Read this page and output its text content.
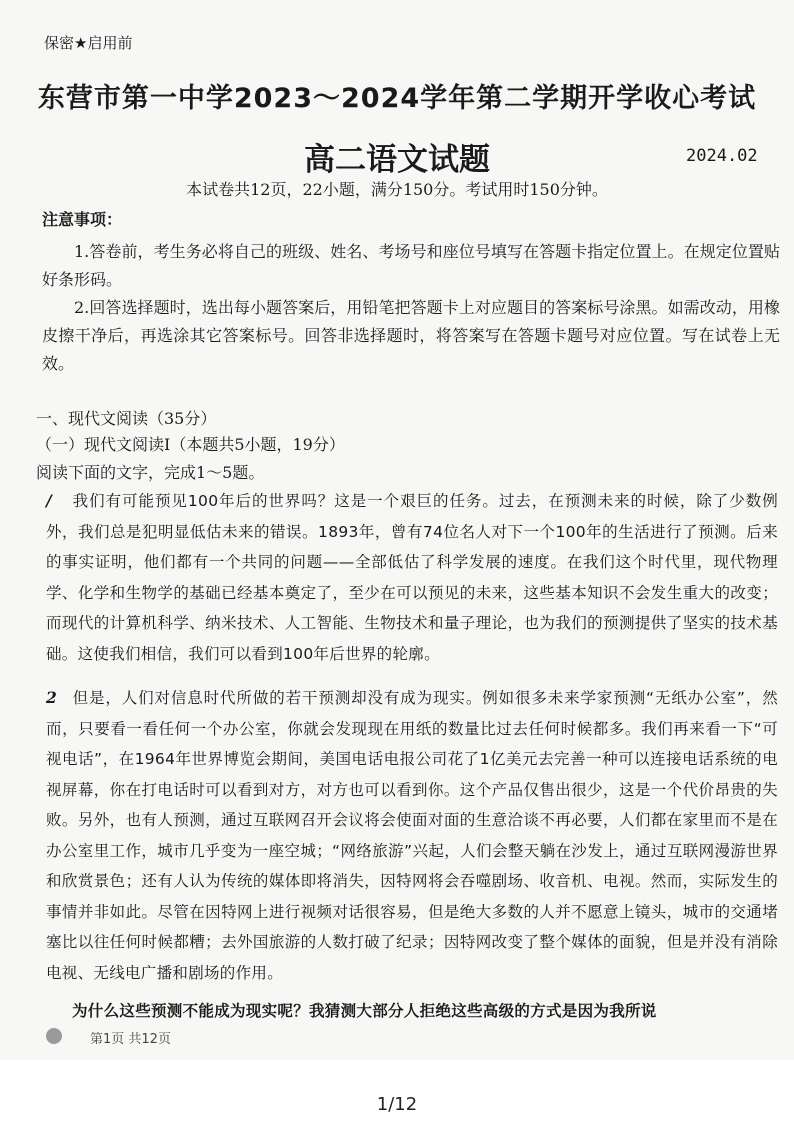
保密★启用前
东营市第一中学2023～2024学年第二学期开学收心考试
高二语文试题	2024.02
本试卷共12页，22小题，满分150分。考试用时150分钟。
注意事项：
1.答卷前，考生务必将自己的班级、姓名、考场号和座位号填写在答题卡指定位置上。在规定位置贴好条形码。
2.回答选择题时，选出每小题答案后，用铅笔把答题卡上对应题目的答案标号涂黑。如需改动，用橡皮擦干净后，再选涂其它答案标号。回答非选择题时，将答案写在答题卡题号对应位置。写在试卷上无效。
一、现代文阅读（35分）
（一）现代文阅读Ⅰ（本题共5小题，19分）
阅读下面的文字，完成1～5题。
/ 我们有可能预见100年后的世界吗？这是一个艰巨的任务。过去，在预测未来的时候，除了少数例外，我们总是犯明显低估未来的错误。1893年，曾有74位名人对下一个100年的生活进行了预测。后来的事实证明，他们都有一个共同的问题——全部低估了科学发展的速度。在我们这个时代里，现代物理学、化学和生物学的基础已经基本奠定了，至少在可以预见的未来，这些基本知识不会发生重大的改变；而现代的计算机科学、纳米技术、人工智能、生物技术和量子理论，也为我们的预测提供了坚实的技术基础。这使我们相信，我们可以看到100年后世界的轮廓。
2 但是，人们对信息时代所做的若干预测却没有成为现实。例如很多未来学家预测“无纸办公室”，然而，只要看一看任何一个办公室，你就会发现现在用纸的数量比过去任何时候都多。我们再来看一下“可视电话”，在1964年世界博览会期间，美国电话电报公司花了1亿美元去完善一种可以连接电话系统的电视屏幕，你在打电话时可以看到对方，对方也可以看到你。这个产品仅售出很少，这是一个代价昂贵的失败。另外，也有人预测，通过互联网召开会议将会使面对面的生意洽谈不再必要，人们都在家里而不是在办公室里工作，城市几乎变为一座空城；“网络旅游”兴起，人们会整天躺在沙发上，通过互联网漫游世界和欣赏景色；还有人认为传统的媒体即将消失，因特网将会吞噬剧场、收音机、电视。然而，实际发生的事情并非如此。尽管在因特网上进行视频对话很容易，但是绝大多数的人并不愿意上镜头，城市的交通堵塞比以往任何时候都糟；去外国旅游的人数打破了纪录；因特网改变了整个媒体的面貌，但是并没有消除电视、无线电广播和剧场的作用。
为什么这些预测不能成为现实呢？我猜测大部分人拒绝这些高级的方式是因为我所说
第1页 共12页
1/12
